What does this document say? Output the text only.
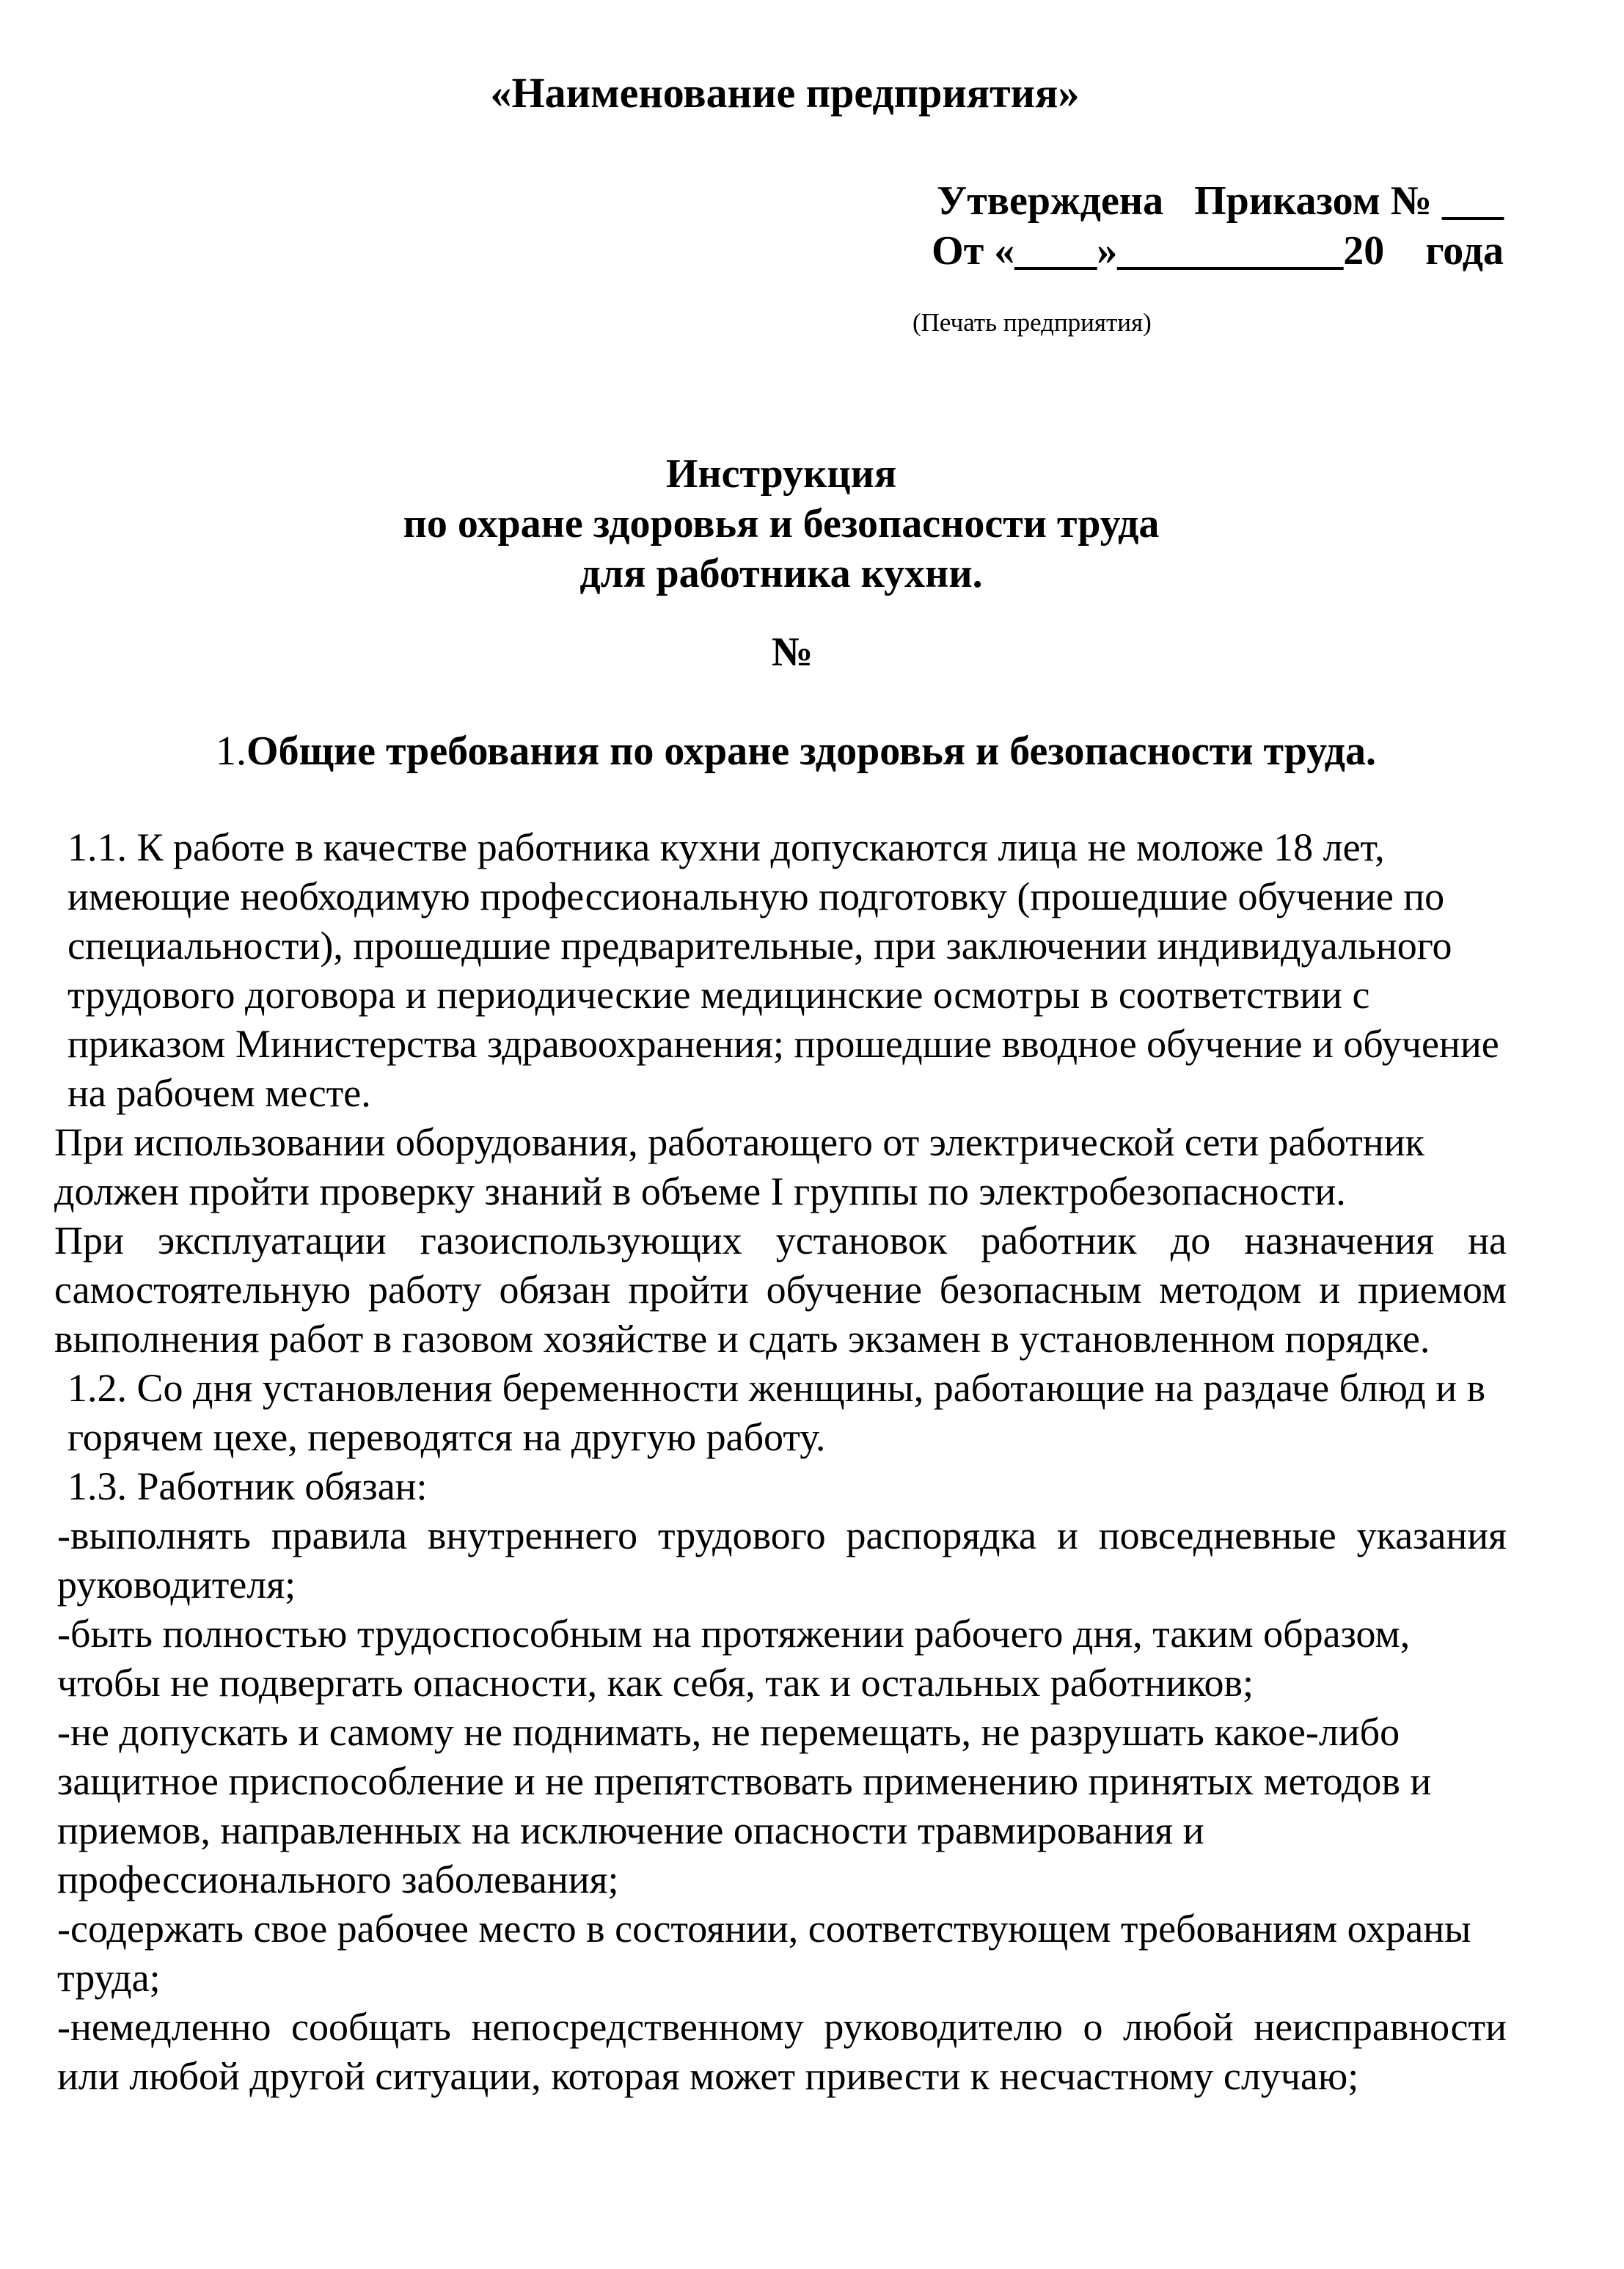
«Наименование предприятия»
Утверждена   Приказом № ___
От «____»___________20    года
(Печать предприятия)
Инструкция
по охране здоровья и безопасности труда
для работника кухни.
№
1.Общие требования по охране здоровья и безопасности труда.

1.1. К работе в качестве работника кухни допускаются лица не моложе 18 лет, имеющие необходимую профессиональную подготовку (прошедшие обучение по специальности), прошедшие предварительные, при заключении индивидуального трудового договора и периодические медицинские осмотры в соответствии с приказом Министерства здравоохранения; прошедшие вводное обучение и обучение на рабочем месте.

При использовании оборудования, работающего от электрической сети работник должен пройти проверку знаний в объеме I группы по электробезопасности.

При эксплуатации газоиспользующих установок работник до назначения на самостоятельную работу обязан пройти обучение безопасным методом и приемом выполнения работ в газовом хозяйстве и сдать экзамен в установленном порядке.

1.2. Со дня установления беременности женщины, работающие на раздаче блюд и в горячем цехе, переводятся на другую работу.

1.3. Работник обязан:

-выполнять правила внутреннего трудового распорядка и повседневные указания руководителя;

-быть полностью трудоспособным на протяжении рабочего дня, таким образом, чтобы не подвергать опасности, как себя, так и остальных работников;

-не допускать и самому не поднимать, не перемещать, не разрушать какое-либо защитное приспособление и не препятствовать применению принятых методов и приемов, направленных на исключение опасности травмирования и профессионального заболевания;

-содержать свое рабочее место в состоянии, соответствующем требованиям охраны труда;

-немедленно сообщать непосредственному руководителю о любой неисправности или любой другой ситуации, которая может привести к несчастному случаю;
